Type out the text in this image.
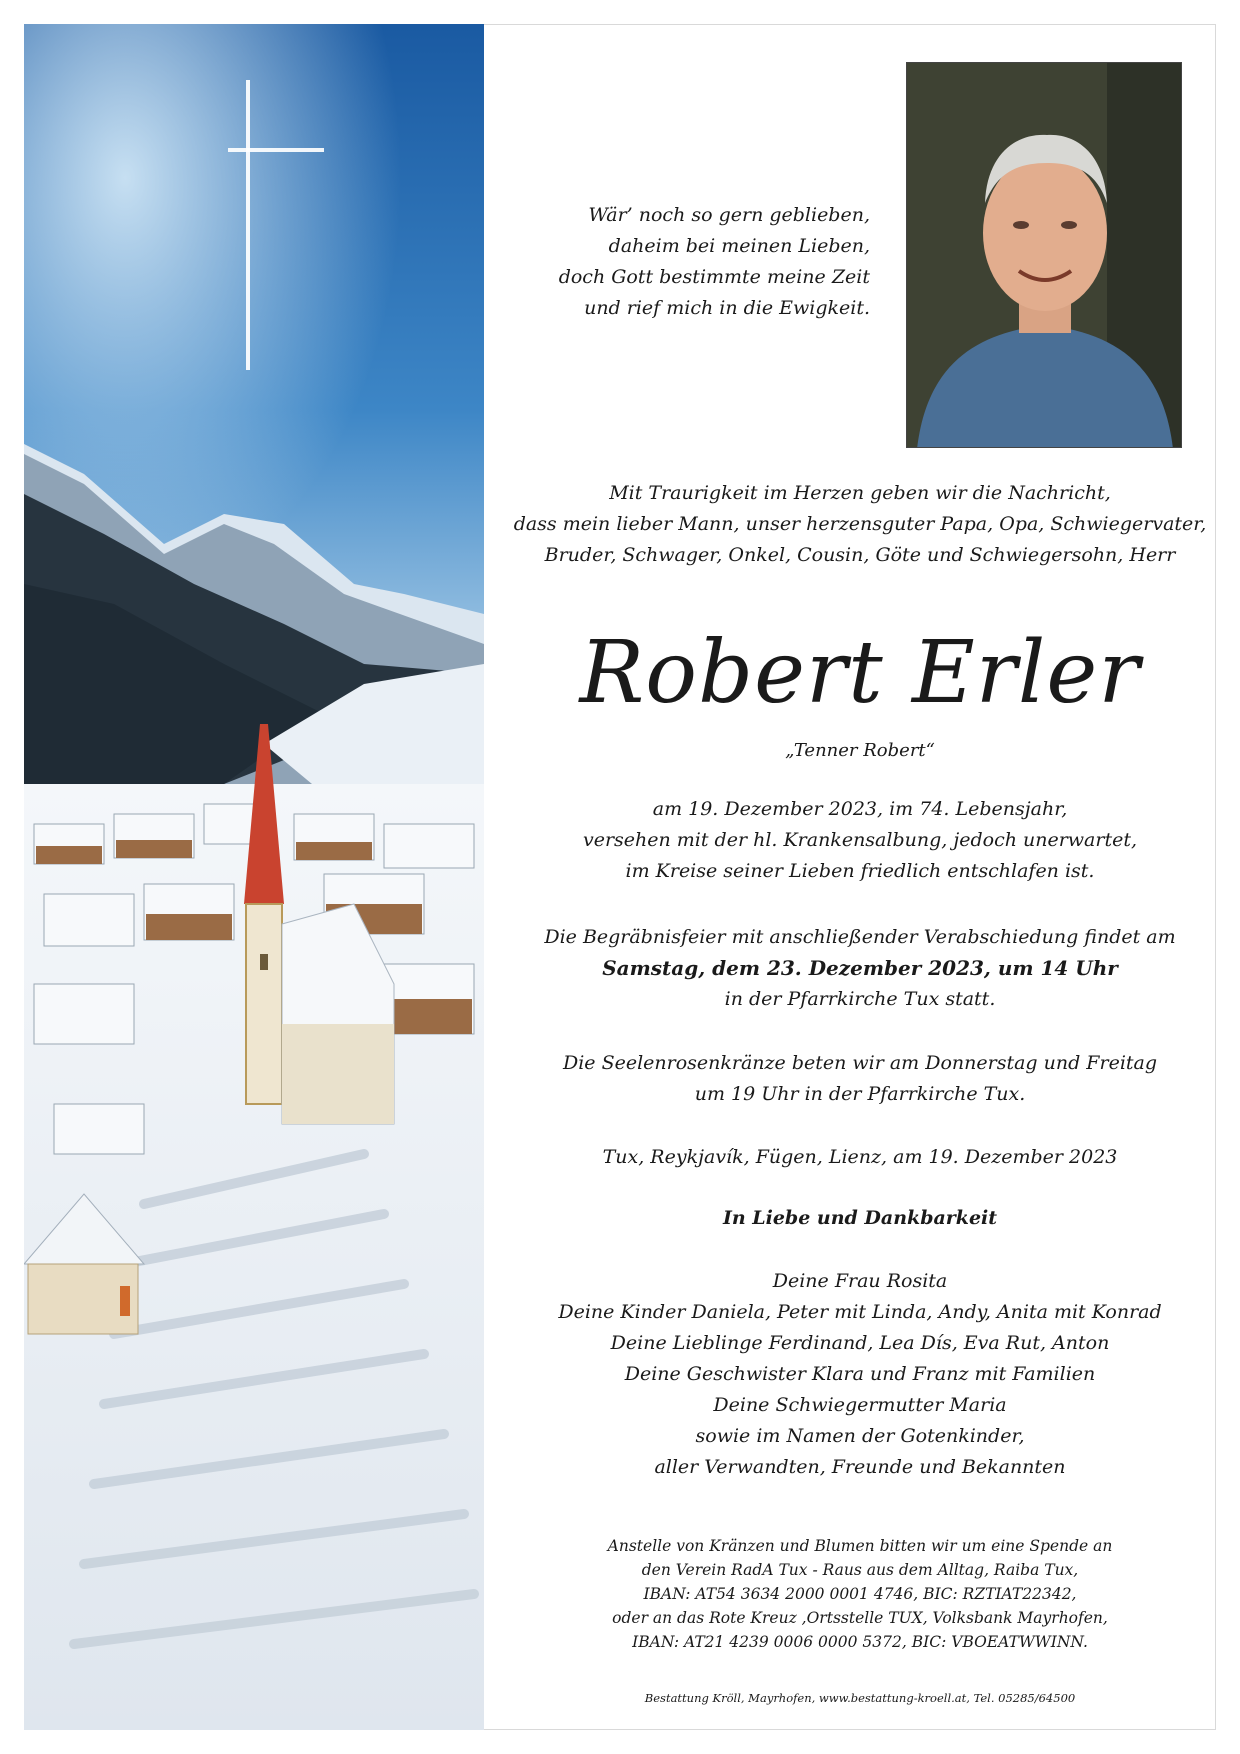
Wär’ noch so gern geblieben,
daheim bei meinen Lieben,
doch Gott bestimmte meine Zeit
und rief mich in die Ewigkeit.
Mit Traurigkeit im Herzen geben wir die Nachricht,
dass mein lieber Mann, unser herzensguter Papa, Opa, Schwiegervater,
Bruder, Schwager, Onkel, Cousin, Göte und Schwiegersohn, Herr
Robert Erler
„Tenner Robert“
am 19. Dezember 2023, im 74. Lebensjahr,
versehen mit der hl. Krankensalbung, jedoch unerwartet,
im Kreise seiner Lieben friedlich entschlafen ist.
Die Begräbnisfeier mit anschließender Verabschiedung findet am
Samstag, dem 23. Dezember 2023, um 14 Uhr
in der Pfarrkirche Tux statt.
Die Seelenrosenkränze beten wir am Donnerstag und Freitag
um 19 Uhr in der Pfarrkirche Tux.
Tux, Reykjavík, Fügen, Lienz, am 19. Dezember 2023
In Liebe und Dankbarkeit
Deine Frau Rosita
Deine Kinder Daniela, Peter mit Linda, Andy, Anita mit Konrad
Deine Lieblinge Ferdinand, Lea Dís, Eva Rut, Anton
Deine Geschwister Klara und Franz mit Familien
Deine Schwiegermutter Maria
sowie im Namen der Gotenkinder,
aller Verwandten, Freunde und Bekannten
Anstelle von Kränzen und Blumen bitten wir um eine Spende an
den Verein RadA Tux - Raus aus dem Alltag, Raiba Tux,
IBAN: AT54 3634 2000 0001 4746, BIC: RZTIAT22342,
oder an das Rote Kreuz ,Ortsstelle TUX, Volksbank Mayrhofen,
IBAN: AT21 4239 0006 0000 5372, BIC: VBOEATWWINN.
Bestattung Kröll, Mayrhofen, www.bestattung-kroell.at, Tel. 05285/64500
